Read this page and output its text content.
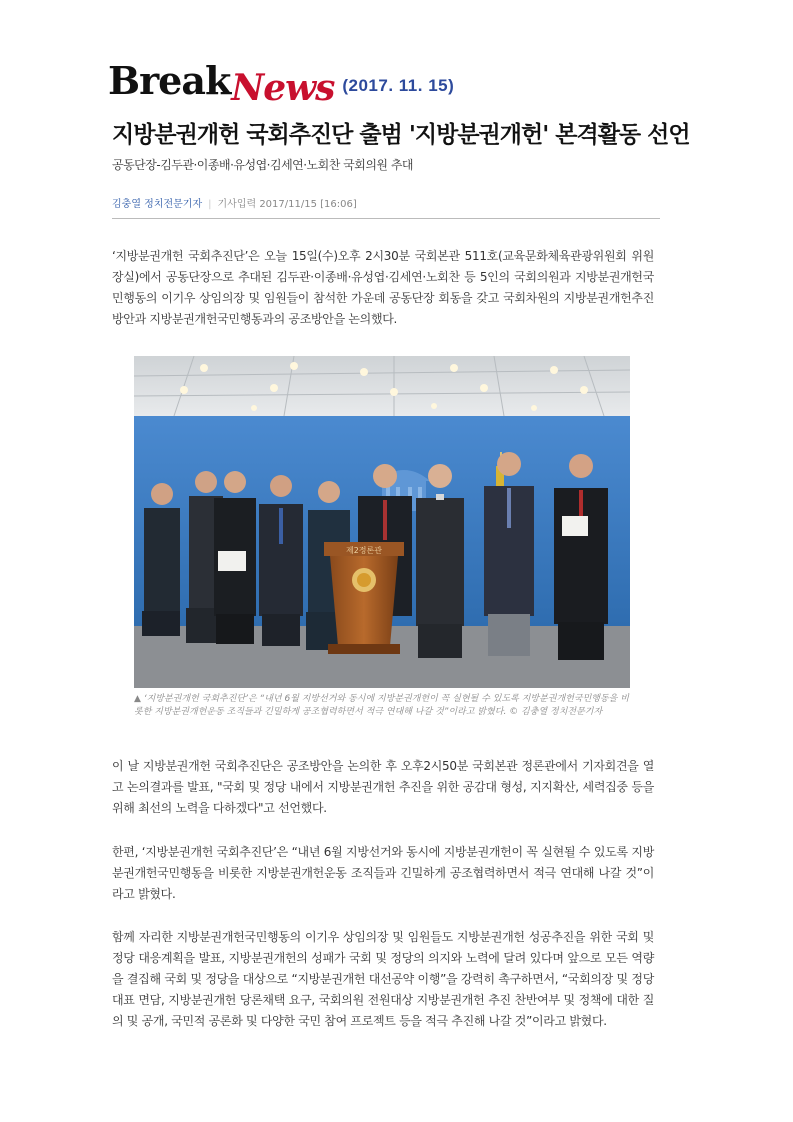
Break News (2017. 11. 15)
지방분권개헌 국회추진단 출범 '지방분권개헌' 본격활동 선언
공동단장-김두관·이종배·유성엽·김세연·노회찬 국회의원 추대
김충열 정치전문기자 | 기사입력 2017/11/15 [16:06]

‘지방분권개헌 국회추진단’은 오늘 15일(수)오후 2시30분 국회본관 511호(교육문화체육관광위원회 위원장실)에서 공동단장으로 추대된 김두관·이종배·유성엽·김세연·노회찬 등 5인의 국회의원과 지방분권개헌국민행동의 이기우 상임의장 및 임원들이 참석한 가운데 공동단장 회동을 갖고 국회차원의 지방분권개헌추진 방안과 지방분권개헌국민행동과의 공조방안을 논의했다.

제2정론관
▲ ‘지방분권개헌 국회추진단’은 “내년 6월 지방선거와 동시에 지방분권개헌이 꼭 실현될 수 있도록 지방분권개헌국민행동을 비롯한 지방분권개헌운동 조직들과 긴밀하게 공조협력하면서 적극 연대해 나갈 것”이라고 밝혔다. © 김충열 정치전문기자

이 날 지방분권개헌 국회추진단은 공조방안을 논의한 후 오후2시50분 국회본관 정론관에서 기자회견을 열고 논의결과를 발표, "국회 및 정당 내에서 지방분권개헌 추진을 위한 공감대 형성, 지지확산, 세력집중 등을 위해 최선의 노력을 다하겠다"고 선언했다.

한편, ‘지방분권개헌 국회추진단’은 “내년 6월 지방선거와 동시에 지방분권개헌이 꼭 실현될 수 있도록 지방분권개헌국민행동을 비롯한 지방분권개헌운동 조직들과 긴밀하게 공조협력하면서 적극 연대해 나갈 것”이라고 밝혔다.

함께 자리한 지방분권개헌국민행동의 이기우 상임의장 및 임원들도 지방분권개헌 성공추진을 위한 국회 및 정당 대응계획을 발표, 지방분권개헌의 성패가 국회 및 정당의 의지와 노력에 달려 있다며 앞으로 모든 역량을 결집해 국회 및 정당을 대상으로 “지방분권개헌 대선공약 이행”을 강력히 촉구하면서, “국회의장 및 정당 대표 면담, 지방분권개헌 당론채택 요구, 국회의원 전원대상 지방분권개헌 추진 찬반여부 및 정책에 대한 질의 및 공개, 국민적 공론화 및 다양한 국민 참여 프로젝트 등을 적극 추진해 나갈 것”이라고 밝혔다.
